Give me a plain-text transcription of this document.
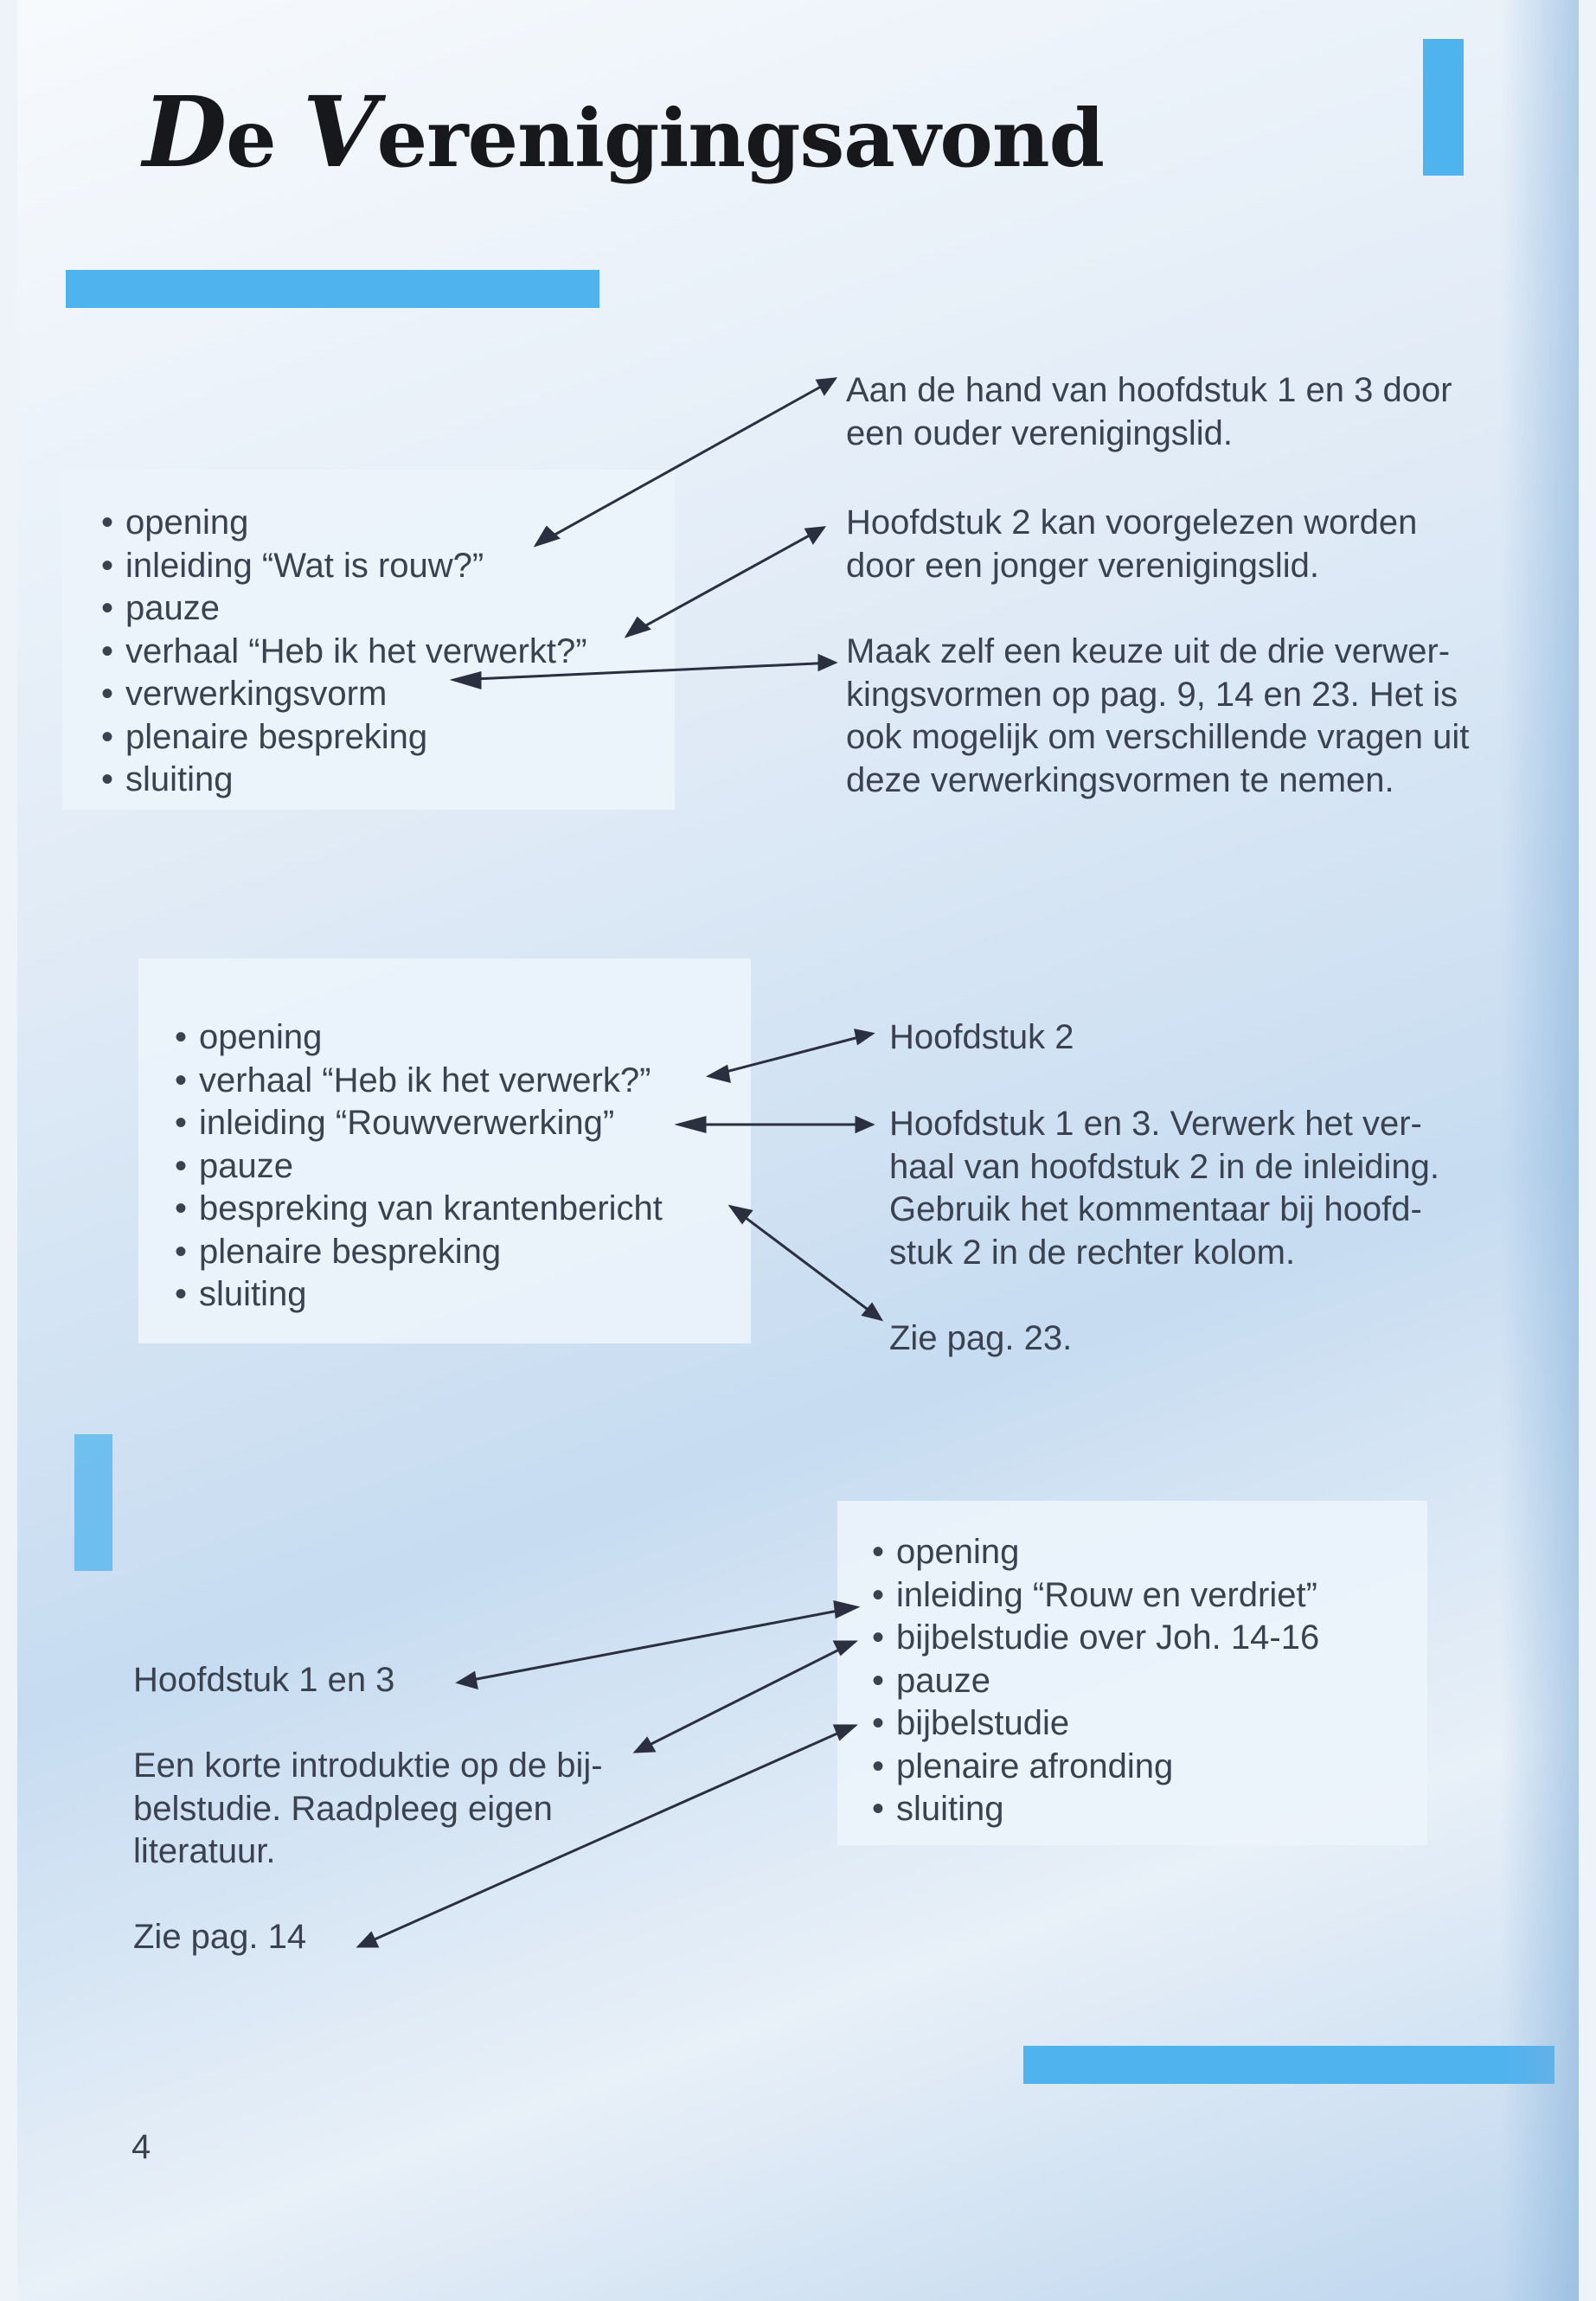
De Verenigingsavond
• opening
• inleiding “Wat is rouw?”
• pauze
• verhaal “Heb ik het verwerkt?”
• verwerkingsvorm
• plenaire bespreking
• sluiting

Aan de hand van hoofdstuk 1 en 3 door
een ouder verenigingslid.

Hoofdstuk 2 kan voorgelezen worden
door een jonger verenigingslid.

Maak zelf een keuze uit de drie verwer-
kingsvormen op pag. 9, 14 en 23. Het is
ook mogelijk om verschillende vragen uit
deze verwerkingsvormen te nemen.

• opening
• verhaal “Heb ik het verwerk?”
• inleiding “Rouwverwerking”
• pauze
• bespreking van krantenbericht
• plenaire bespreking
• sluiting

Hoofdstuk 2

Hoofdstuk 1 en 3. Verwerk het ver-
haal van hoofdstuk 2 in de inleiding.
Gebruik het kommentaar bij hoofd-
stuk 2 in de rechter kolom.

Zie pag. 23.

• opening
• inleiding “Rouw en verdriet”
• bijbelstudie over Joh. 14-16
• pauze
• bijbelstudie
• plenaire afronding
• sluiting

Hoofdstuk 1 en 3

Een korte introduktie op de bij-
belstudie. Raadpleeg eigen
literatuur.

Zie pag. 14

4
